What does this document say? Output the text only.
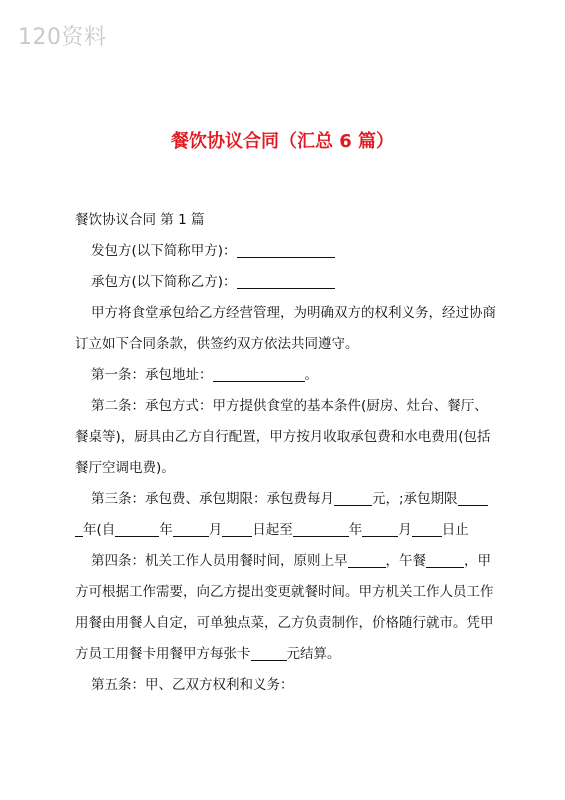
120资料
餐饮协议合同（汇总 6 篇）
餐饮协议合同 第 1 篇
发包方(以下简称甲方)：
承包方(以下简称乙方)：
甲方将食堂承包给乙方经营管理，为明确双方的权利义务，经过协商
订立如下合同条款，供签约双方依法共同遵守。
第一条：承包地址：	。
第二条：承包方式：甲方提供食堂的基本条件(厨房、灶台、餐厅、
餐桌等)，厨具由乙方自行配置，甲方按月收取承包费和水电费用(包括
餐厅空调电费)。
第三条：承包费、承包期限：承包费每月	元，;承包期限
年(自	年	月 日起至	年	月 日止
第四条：机关工作人员用餐时间，原则上早	，午餐	，甲
方可根据工作需要，向乙方提出变更就餐时间。甲方机关工作人员工作
用餐由用餐人自定，可单独点菜，乙方负责制作，价格随行就市。凭甲
方员工用餐卡用餐甲方每张卡	元结算。
第五条：甲、乙双方权利和义务：
